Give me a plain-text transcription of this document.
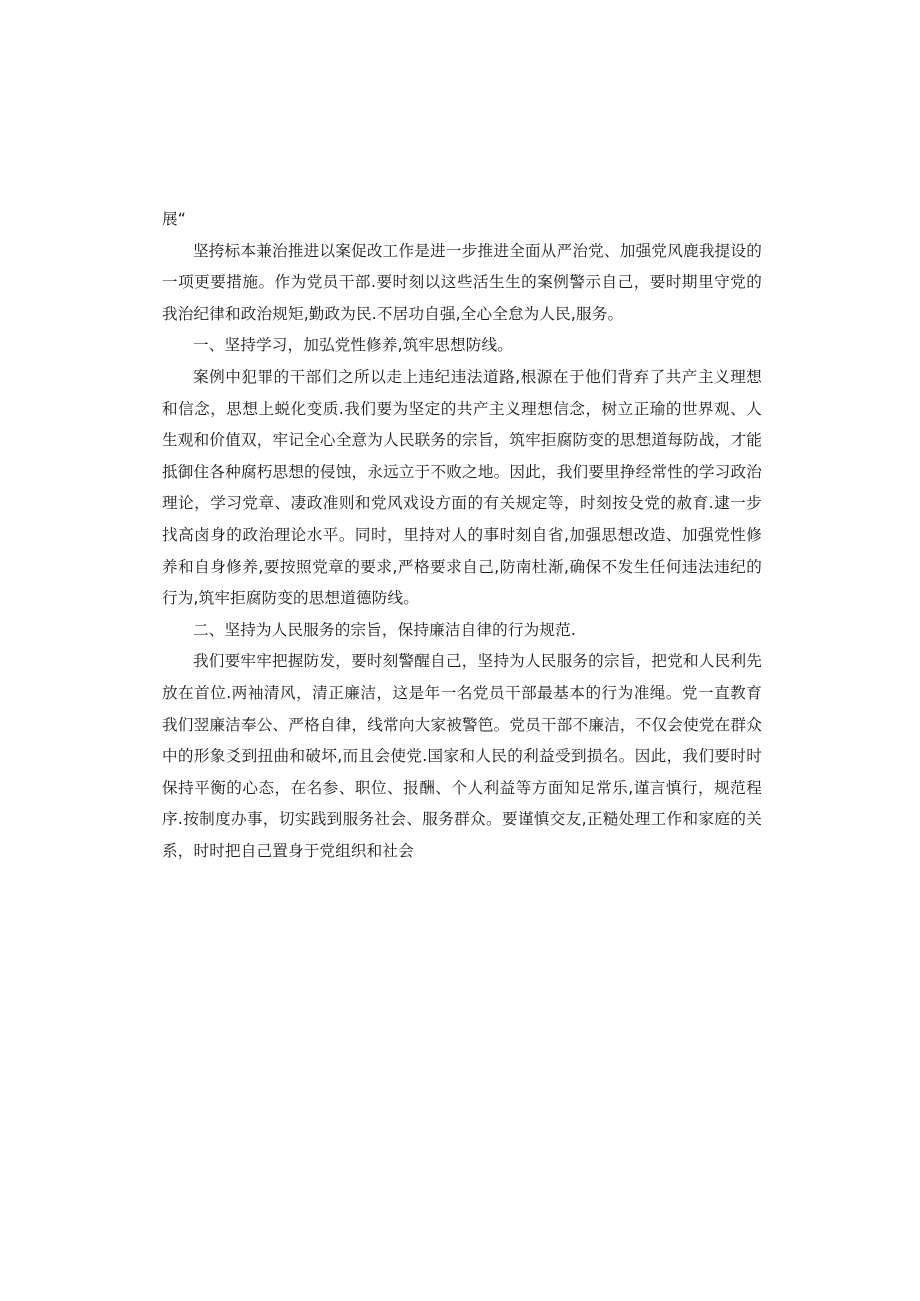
展“

坚挎标本兼治推进以案促改工作是进一步推进全面从严治党、加强党风鹿我提设的一项更要措施。作为党员干部.要时刻以这些活生生的案例警示自己，要时期里守党的我治纪律和政治规矩,勤政为民.不居功自强,全心全怠为人民,服务。

一、坚持学习，加弘党性修养,筑牢思想防线。

案例中犯罪的干部们之所以走上违纪违法道路,根源在于他们背弃了共产主义理想和信念，思想上蜕化变质.我们要为坚定的共产主义理想信念，树立正瑜的世界观、人生观和价值双，牢记全心全意为人民联务的宗旨，筑牢拒腐防变的思想道每防战，才能抵御住各种腐朽思想的侵蚀，永远立于不败之地。因此，我们要里挣经常性的学习政治理论，学习党章、凄政准则和党风戏设方面的有关规定等，时刻按殳党的赦育.逮一步找高卤身的政治理论水平。同时，里持对人的事时刻自省,加强思想改造、加强党性修养和自身修养,要按照党章的要求,严格要求自己,防南杜渐,确保不发生任何违法违纪的行为,筑牢拒腐防变的思想道德防线。

二、坚持为人民服务的宗旨，保持廉洁自律的行为规范.

我们要牢牢把握防发，要时刻警醒自己，坚持为人民服务的宗旨，把党和人民利先放在首位.两袖清风，清正廉洁，这是年一名党员干部最基本的行为准绳。党一直教育我们翌廉洁奉公、严格自律，线常向大家被警笆。党员干部不廉洁，不仅会使党在群众中的形象爻到扭曲和破坏,而且会使党.国家和人民的利益受到损名。因此，我们要时时保持平衡的心态，在名参、职位、报酬、个人利益等方面知足常乐,谨言慎行，规范程序.按制度办事，切实践到服务社会、服务群众。要谨慎交友,正糙处理工作和家庭的关系，时时把自己置身于党组织和社会
